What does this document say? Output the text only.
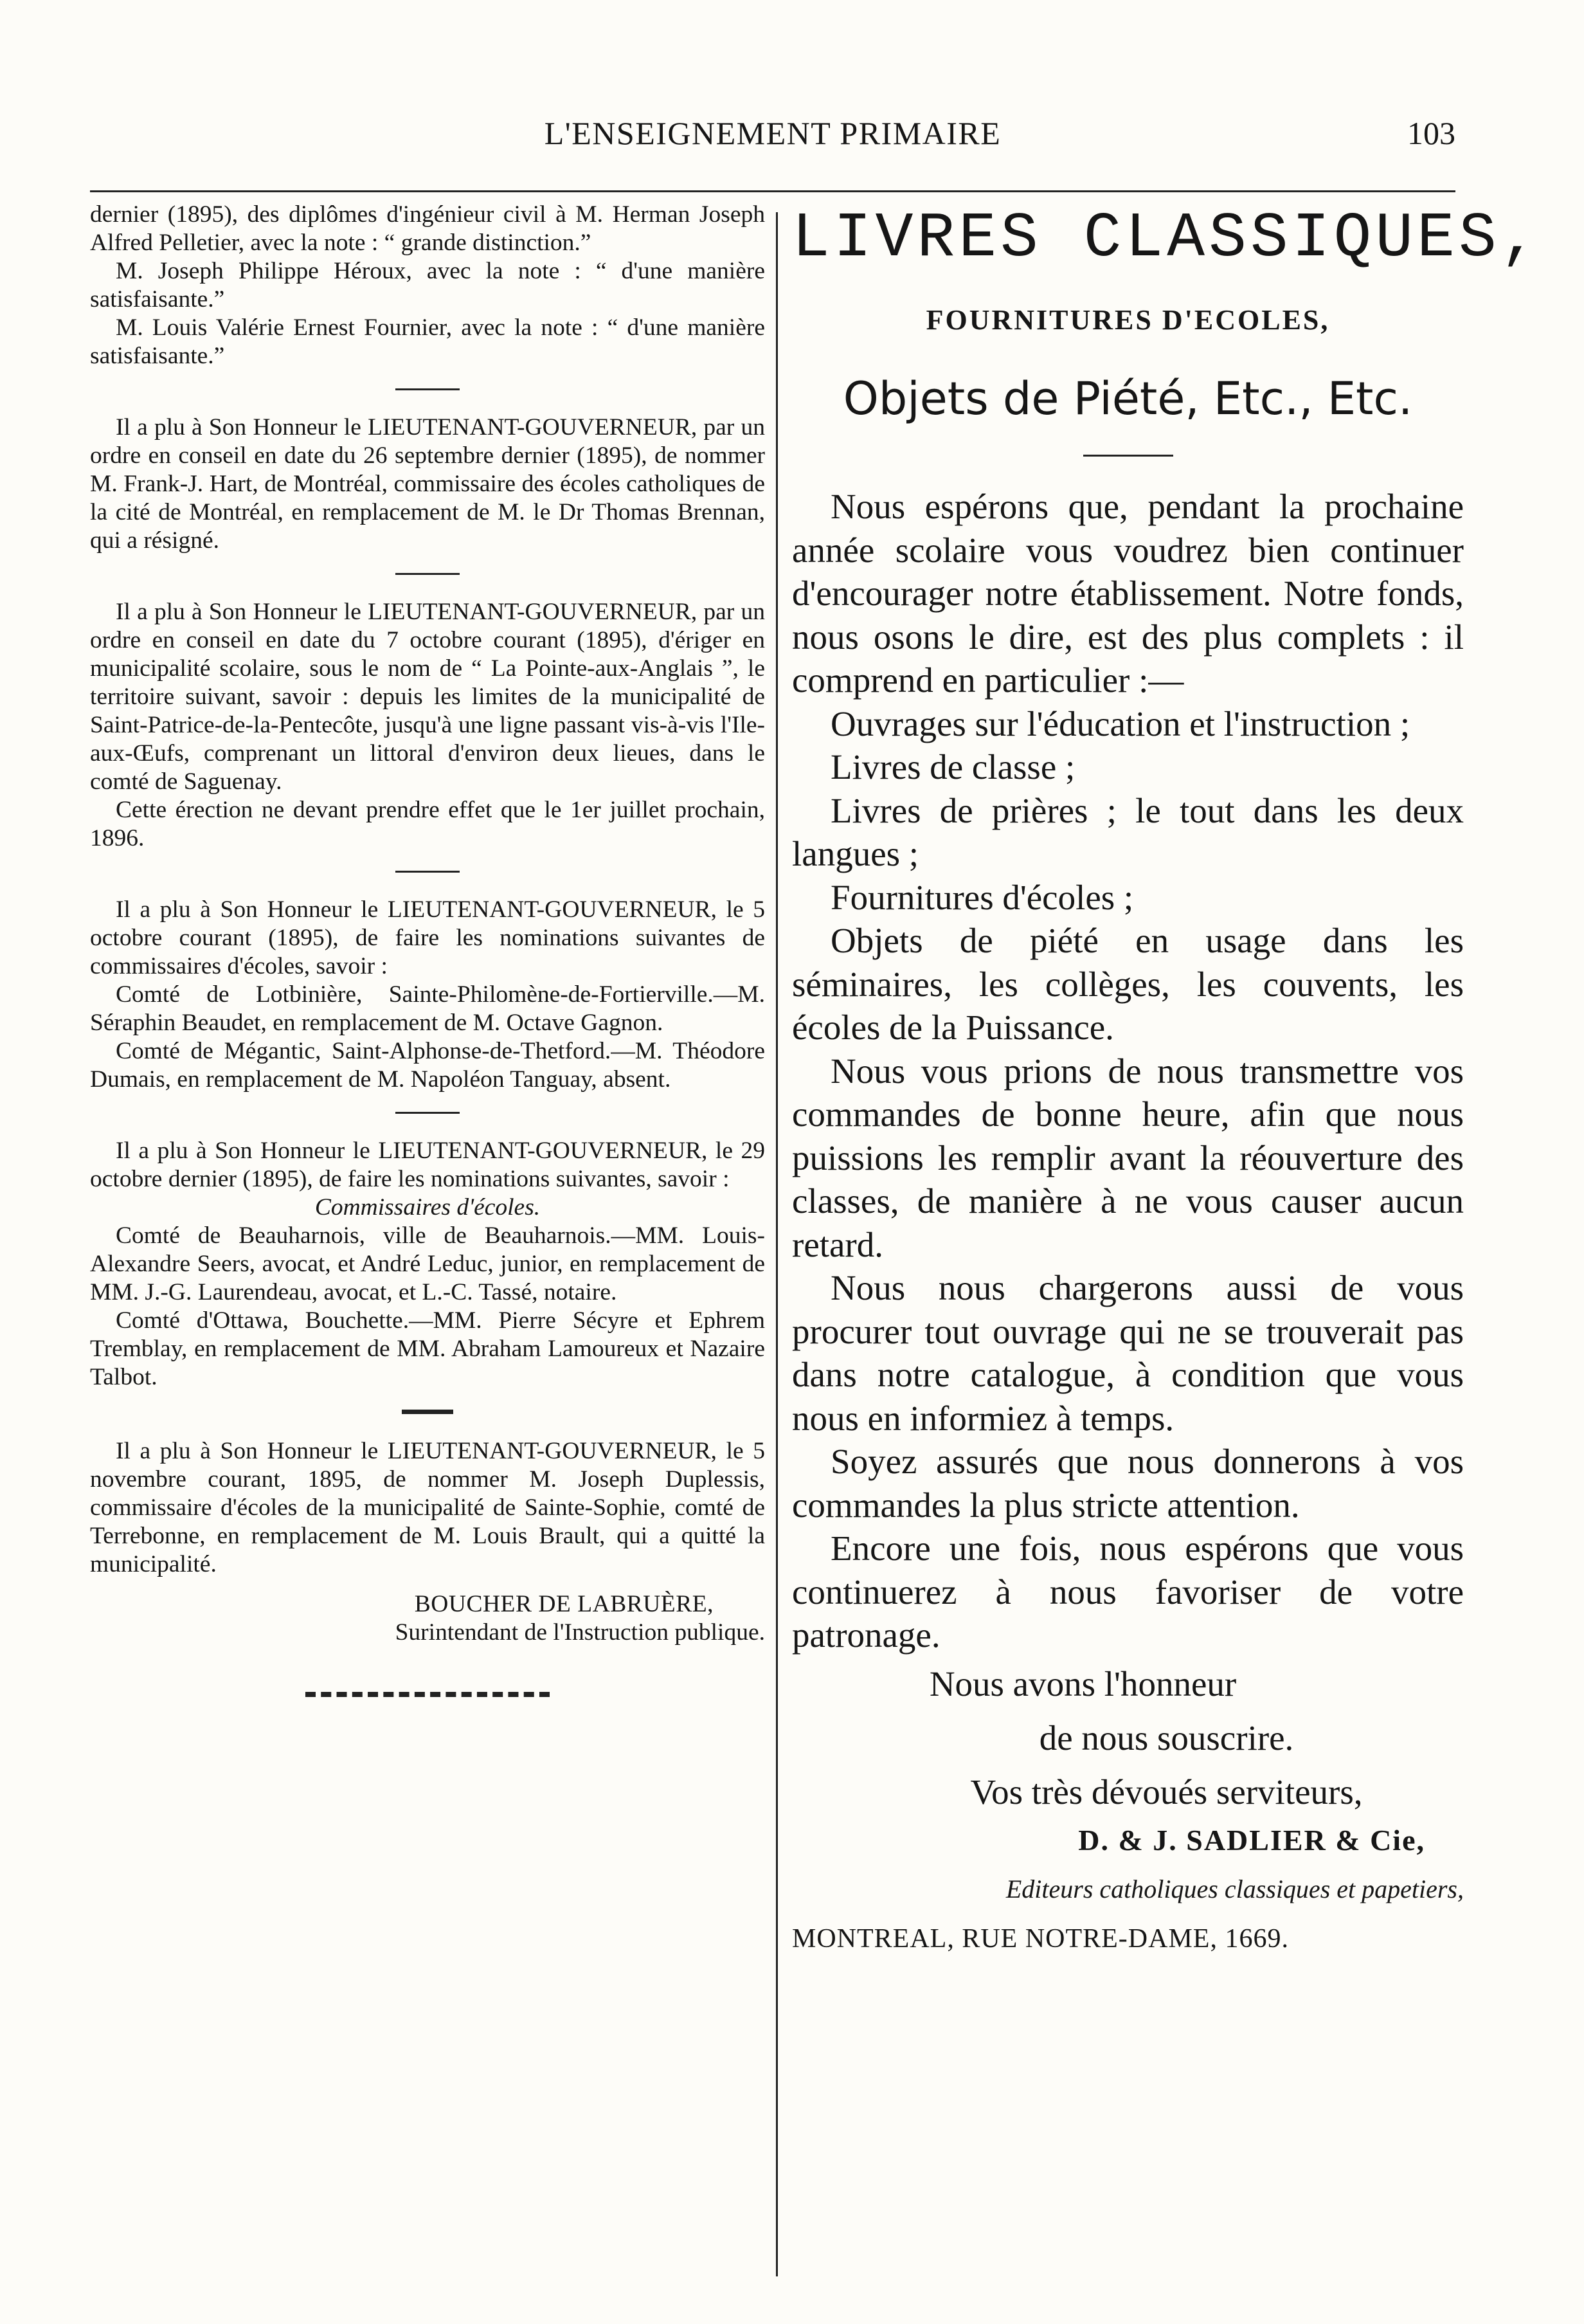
L'ENSEIGNEMENT PRIMAIRE	103

dernier (1895), des diplômes d'ingénieur civil à M. Herman Joseph Alfred Pelletier, avec la note : “ grande distinction.”

M. Joseph Philippe Héroux, avec la note : “ d'une manière satisfaisante.”

M. Louis Valérie Ernest Fournier, avec la note : “ d'une manière satisfaisante.”

Il a plu à Son Honneur le LIEUTENANT-GOUVERNEUR, par un ordre en conseil en date du 26 septembre dernier (1895), de nommer M. Frank-J. Hart, de Montréal, commissaire des écoles catholiques de la cité de Montréal, en remplacement de M. le Dr Thomas Brennan, qui a résigné.

Il a plu à Son Honneur le LIEUTENANT-GOUVERNEUR, par un ordre en conseil en date du 7 octobre courant (1895), d'ériger en municipalité scolaire, sous le nom de “ La Pointe-aux-Anglais ”, le territoire suivant, savoir : depuis les limites de la municipalité de Saint-Patrice-de-la-Pentecôte, jusqu'à une ligne passant vis-à-vis l'Ile-aux-Œufs, comprenant un littoral d'environ deux lieues, dans le comté de Saguenay.

Cette érection ne devant prendre effet que le 1er juillet prochain, 1896.

Il a plu à Son Honneur le LIEUTENANT-GOUVERNEUR, le 5 octobre courant (1895), de faire les nominations suivantes de commissaires d'écoles, savoir :

Comté de Lotbinière, Sainte-Philomène-de-Fortierville.—M. Séraphin Beaudet, en remplacement de M. Octave Gagnon.

Comté de Mégantic, Saint-Alphonse-de-Thetford.—M. Théodore Dumais, en remplacement de M. Napoléon Tanguay, absent.

Il a plu à Son Honneur le LIEUTENANT-GOUVERNEUR, le 29 octobre dernier (1895), de faire les nominations suivantes, savoir :

Commissaires d'écoles.

Comté de Beauharnois, ville de Beauharnois.—MM. Louis-Alexandre Seers, avocat, et André Leduc, junior, en remplacement de MM. J.-G. Laurendeau, avocat, et L.-C. Tassé, notaire.

Comté d'Ottawa, Bouchette.—MM. Pierre Sécyre et Ephrem Tremblay, en remplacement de MM. Abraham Lamoureux et Nazaire Talbot.

Il a plu à Son Honneur le LIEUTENANT-GOUVERNEUR, le 5 novembre courant, 1895, de nommer M. Joseph Duplessis, commissaire d'écoles de la municipalité de Sainte-Sophie, comté de Terrebonne, en remplacement de M. Louis Brault, qui a quitté la municipalité.

BOUCHER DE LABRUÈRE,
Surintendant de l'Instruction publique.
LIVRES CLASSIQUES,
FOURNITURES D'ECOLES,
Objets de Piété, Etc., Etc.

Nous espérons que, pendant la prochaine année scolaire vous voudrez bien continuer d'encourager notre établissement. Notre fonds, nous osons le dire, est des plus complets : il comprend en particulier :—

Ouvrages sur l'éducation et l'instruction ;

Livres de classe ;

Livres de prières ; le tout dans les deux langues ;

Fournitures d'écoles ;

Objets de piété en usage dans les séminaires, les collèges, les couvents, les écoles de la Puissance.

Nous vous prions de nous transmettre vos commandes de bonne heure, afin que nous puissions les remplir avant la réouverture des classes, de manière à ne vous causer aucun retard.

Nous nous chargerons aussi de vous procurer tout ouvrage qui ne se trouverait pas dans notre catalogue, à condition que vous nous en informiez à temps.

Soyez assurés que nous donnerons à vos commandes la plus stricte attention.

Encore une fois, nous espérons que vous continuerez à nous favoriser de votre patronage.

Nous avons l'honneur
de nous souscrire.
Vos très dévoués serviteurs,
D. & J. SADLIER & Cie,
Editeurs catholiques classiques et papetiers,
MONTREAL, RUE NOTRE-DAME, 1669.
